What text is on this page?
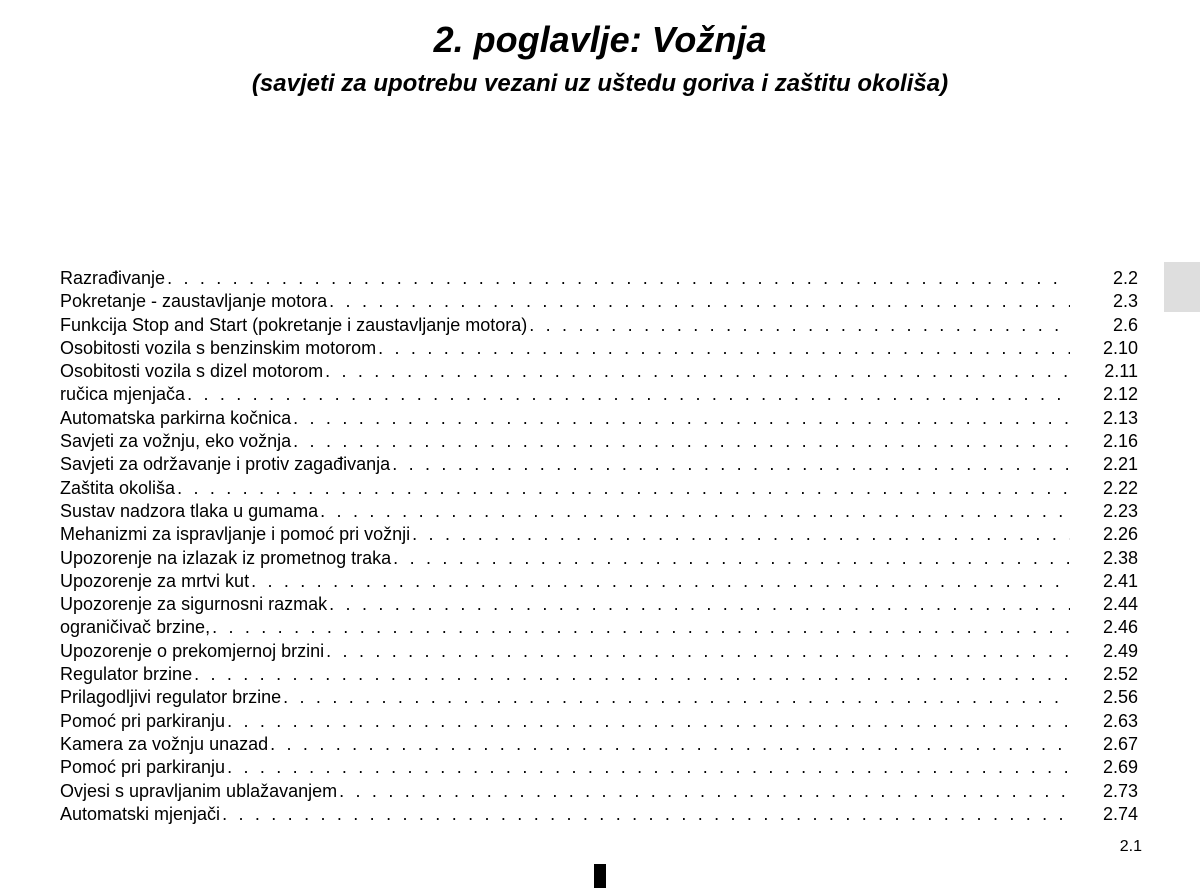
2. poglavlje: Vožnja
(savjeti za upotrebu vezani uz uštedu goriva i zaštitu okoliša)
Razrađivanje . . .	2.2
Pokretanje - zaustavljanje motora . . .	2.3
Funkcija Stop and Start (pokretanje i zaustavljanje motora) . . .	2.6
Osobitosti vozila s benzinskim motorom . . .	2.10
Osobitosti vozila s dizel motorom . . .	2.11
ručica mjenjača . . .	2.12
Automatska parkirna kočnica . . .	2.13
Savjeti za vožnju, eko vožnja . . .	2.16
Savjeti za održavanje i protiv zagađivanja . . .	2.21
Zaštita okoliša . . .	2.22
Sustav nadzora tlaka u gumama . . .	2.23
Mehanizmi za ispravljanje i pomoć pri vožnji . . .	2.26
Upozorenje na izlazak iz prometnog traka . . .	2.38
Upozorenje za mrtvi kut . . .	2.41
Upozorenje za sigurnosni razmak . . .	2.44
ograničivač brzine, . . .	2.46
Upozorenje o prekomjernoj brzini . . .	2.49
Regulator brzine . . .	2.52
Prilagodljivi regulator brzine . . .	2.56
Pomoć pri parkiranju . . .	2.63
Kamera za vožnju unazad . . .	2.67
Pomoć pri parkiranju . . .	2.69
Ovjesi s upravljanim ublažavanjem . . .	2.73
Automatski mjenjači . . .	2.74
2.1
